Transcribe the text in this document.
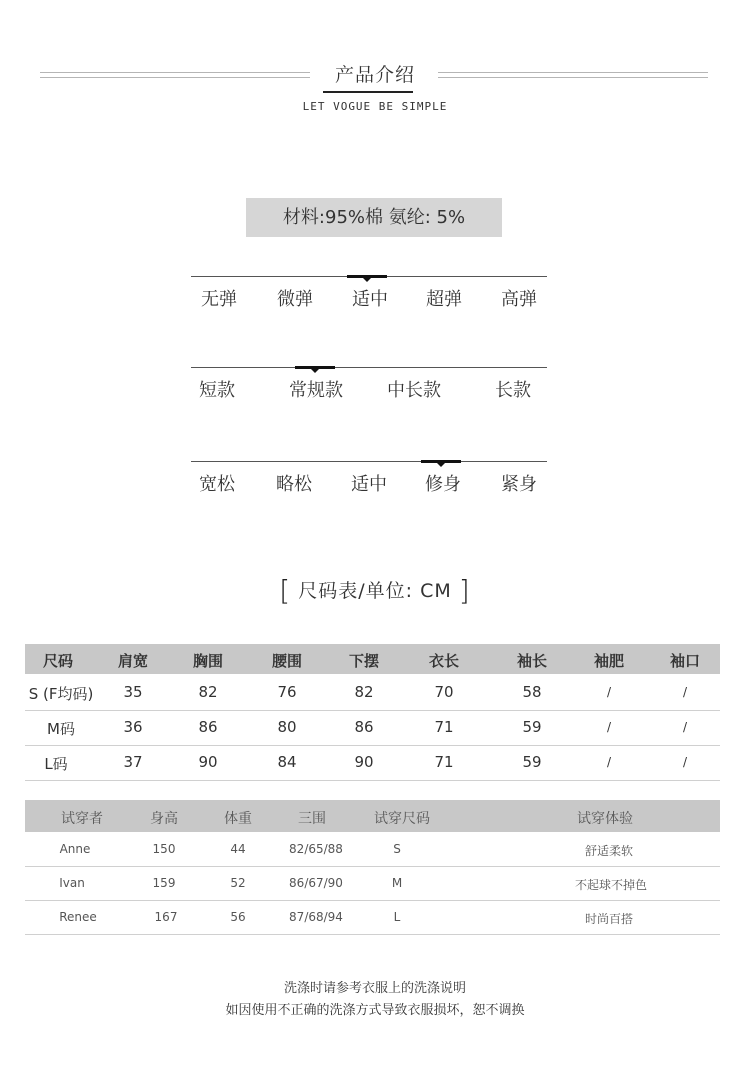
产品介绍
LET VOGUE BE SIMPLE
材料:95%棉 氨纶: 5%
无弹 微弹 适中 超弹 高弹
短款	常规款 中长款	长款
宽松 略松 适中 修身 紧身
[ 尺码表/单位: CM ]
尺码	肩宽	胸围	腰围	下摆	衣长	袖长	袖肥	袖口
S (F均码) 35	82	76	82	70	58	/	/
M码	36	86	80	86	71	59	/	/
L码	37	90	84	90	71	59	/	/
试穿者	身高	体重	三围	试穿尺码	试穿体验
Anne	150	44	82/65/88	S	舒适柔软
Ivan	159	52	86/67/90	M	不起球不掉色
Renee	167	56	87/68/94	L	时尚百搭
洗涤时请参考衣服上的洗涤说明
如因使用不正确的洗涤方式导致衣服损坏，恕不调换
